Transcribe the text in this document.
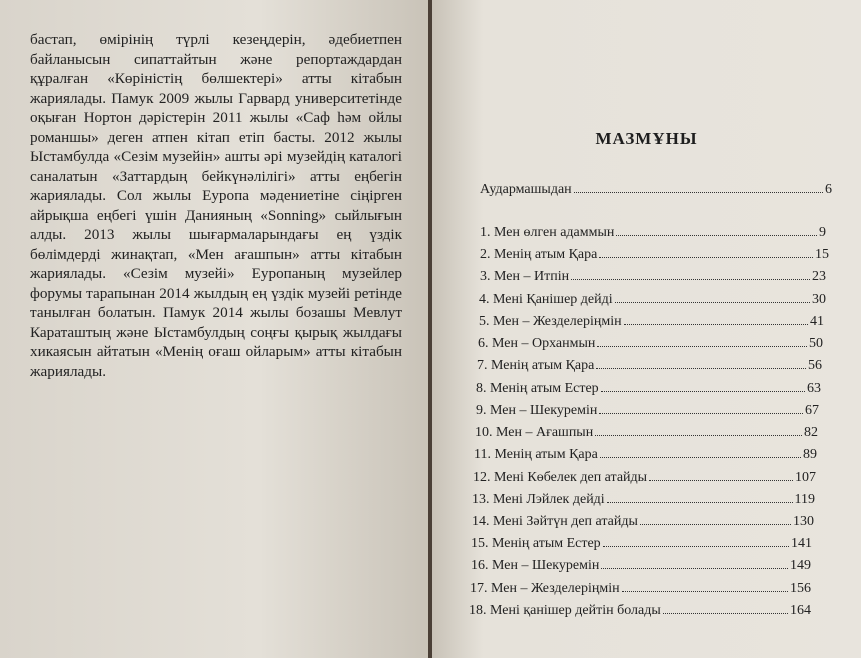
бастап, өмірінің түрлі кезеңдерін, әдебиетпен байланысын сипаттайтын және репортаждардан құралған «Көріністің бөлшектері» атты кітабын жариялады. Памук 2009 жылы Гарвард университетінде оқыған Нортон дәрістерін 2011 жылы «Саф һәм ойлы романшы» деген атпен кітап етіп басты. 2012 жылы Ыстамбулда «Сезім музейін» ашты әрі музейдің каталогі саналатын «Заттардың бейкүнәлілігі» атты еңбегін жариялады. Сол жылы Еуропа мәдениетіне сіңірген айрықша еңбегі үшін Данияның «Sonning» сыйлығын алды. 2013 жылы шығармаларындағы ең үздік бөлімдерді жинақтап, «Мен ағашпын» атты кітабын жариялады. «Сезім музейі» Еуропаның музейлер форумы тарапынан 2014 жылдың ең үздік музейі ретінде танылған болатын. Памук 2014 жылы бозашы Мевлут Караташтың және Ыстамбулдың соңғы қырық жылдағы хикаясын айтатын «Менің оғаш ойларым» атты кітабын жариялады.

МАЗМҰНЫ
Аудармашыдан	6
1. Мен өлген адаммын	9
2. Менің атым Қара	15
3. Мен – Итпін	23
4. Мені Қанішер дейді	30
5. Мен – Жезделеріңмін	41
6. Мен – Орханмын	50
7. Менің атым Қара	56
8. Менің атым Естер	63
9. Мен – Шекуремін	67
10. Мен – Ағашпын	82
11. Менің атым Қара	89
12. Мені Көбелек деп атайды	107
13. Мені Лэйлек дейді	119
14. Мені Зәйтүн деп атайды	130
15. Менің атым Естер	141
16. Мен – Шекуремін	149
17. Мен – Жезделеріңмін	156
18. Мені қанішер дейтін болады	164
